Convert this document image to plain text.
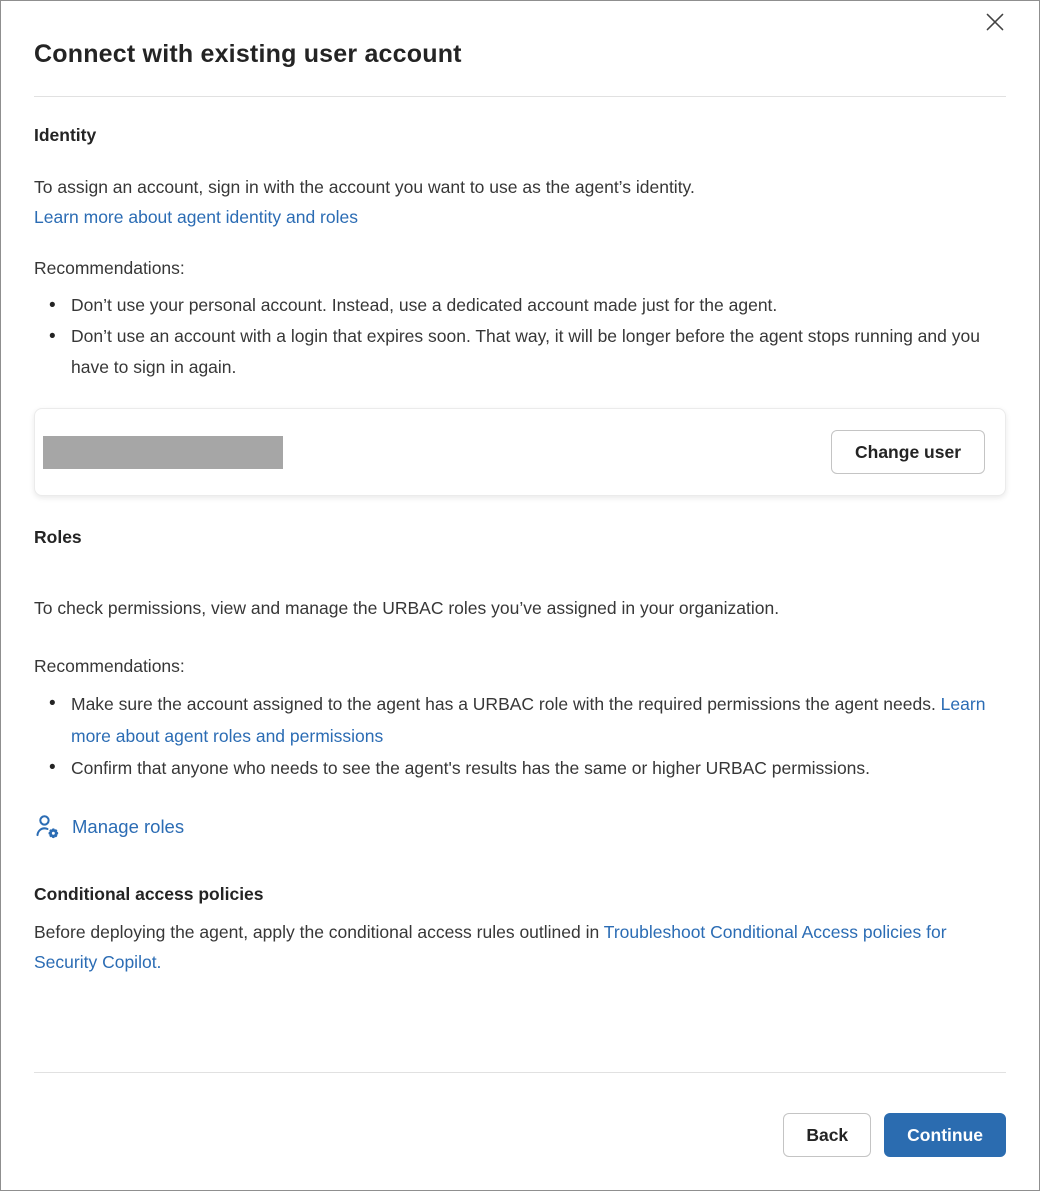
Connect with existing user account
Identity

To assign an account, sign in with the account you want to use as the agent’s identity.
Learn more about agent identity and roles

Recommendations:
• Don’t use your personal account. Instead, use a dedicated account made just for the agent.
• Don’t use an account with a login that expires soon. That way, it will be longer before the agent stops running and you have to sign in again.
Change user
Roles

To check permissions, view and manage the URBAC roles you’ve assigned in your organization.

Recommendations:
• Make sure the account assigned to the agent has a URBAC role with the required permissions the agent needs. Learn more about agent roles and permissions
• Confirm that anyone who needs to see the agent's results has the same or higher URBAC permissions.
Manage roles
Conditional access policies

Before deploying the agent, apply the conditional access rules outlined in Troubleshoot Conditional Access policies for Security Copilot.

Back	Continue
